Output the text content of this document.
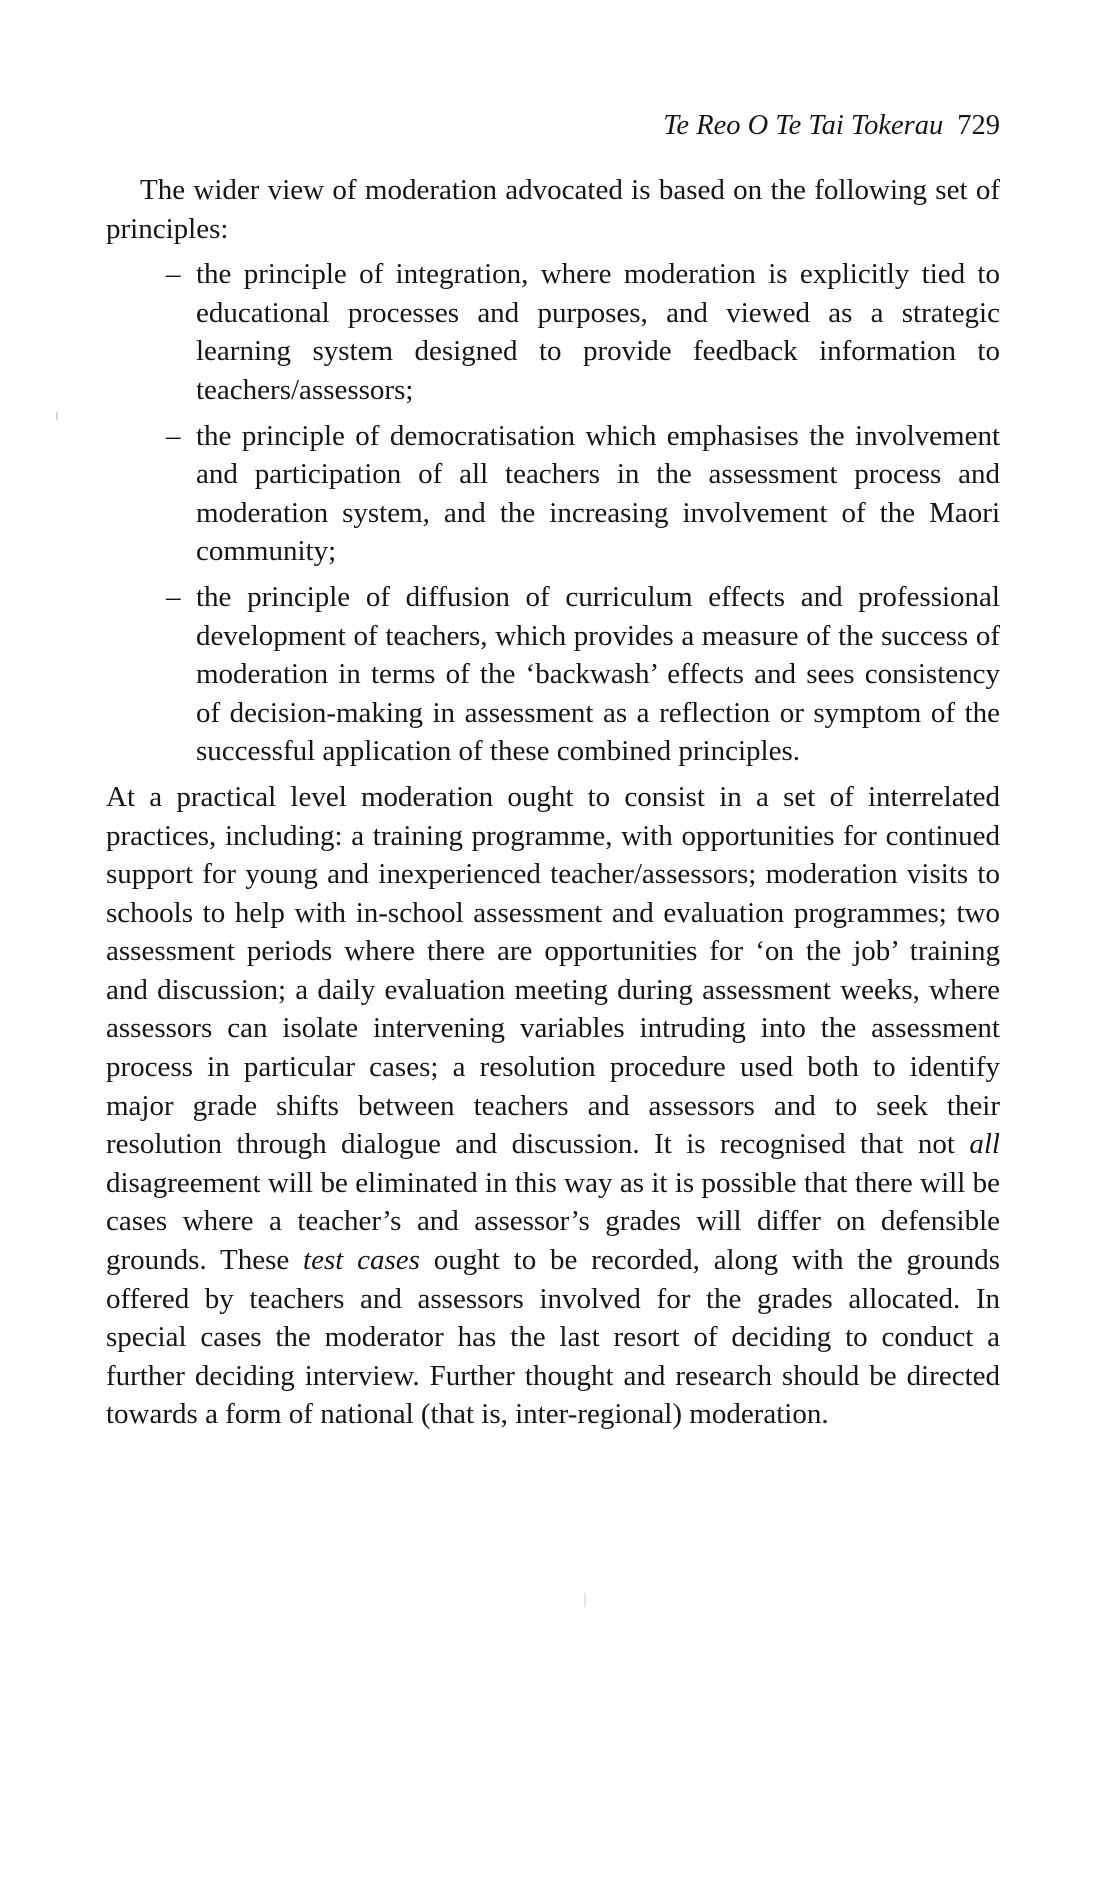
Te Reo O Te Tai Tokerau 729

The wider view of moderation advocated is based on the following set of principles:

– the principle of integration, where moderation is explicitly tied to educational processes and purposes, and viewed as a strategic learning system designed to provide feedback information to teachers/assessors;
– the principle of democratisation which emphasises the involvement and participation of all teachers in the assessment process and moderation system, and the increasing involvement of the Maori community;
– the principle of diffusion of curriculum effects and professional development of teachers, which provides a measure of the success of moderation in terms of the ‘backwash’ effects and sees consistency of decision-making in assessment as a reflection or symptom of the successful application of these combined principles.

At a practical level moderation ought to consist in a set of interrelated practices, including: a training programme, with opportunities for continued support for young and inexperienced teacher/assessors; moderation visits to schools to help with in-school assessment and evaluation programmes; two assessment periods where there are opportunities for ‘on the job’ training and discussion; a daily evaluation meeting during assessment weeks, where assessors can isolate intervening variables intruding into the assessment process in particular cases; a resolution procedure used both to identify major grade shifts between teachers and assessors and to seek their resolution through dialogue and discussion. It is recognised that not all disagreement will be eliminated in this way as it is possible that there will be cases where a teacher’s and assessor’s grades will differ on defensible grounds. These test cases ought to be recorded, along with the grounds offered by teachers and assessors involved for the grades allocated. In special cases the moderator has the last resort of deciding to conduct a further deciding interview. Further thought and research should be directed towards a form of national (that is, inter-regional) moderation.
